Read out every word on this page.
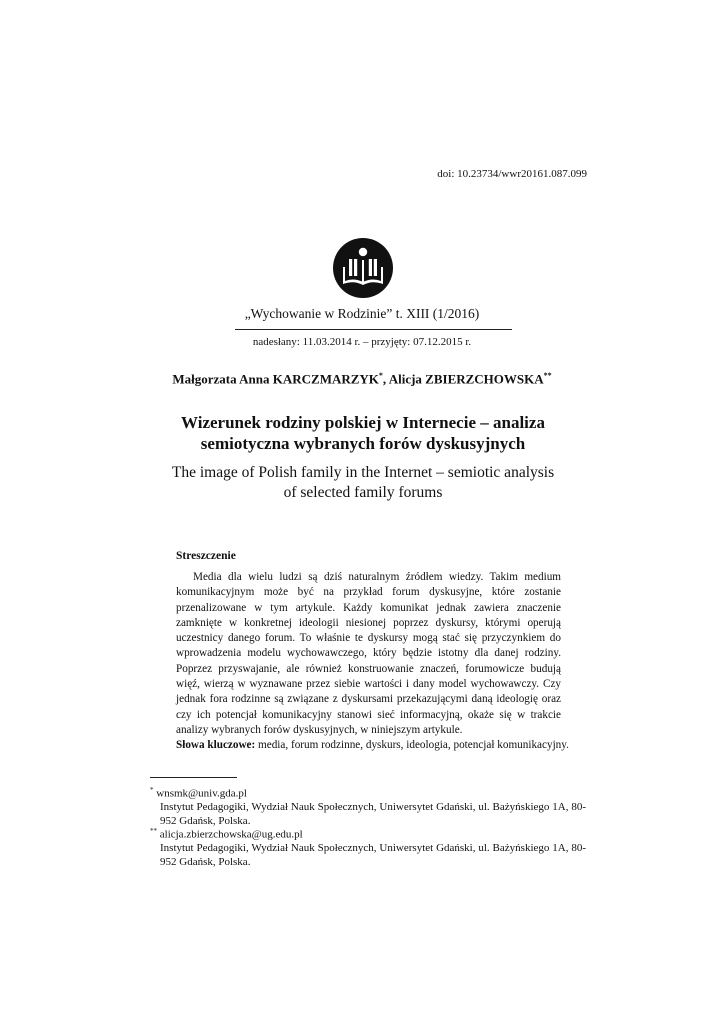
doi: 10.23734/wwr20161.087.099
„Wychowanie w Rodzinie” t. XIII (1/2016)
nadesłany: 11.03.2014 r. – przyjęty: 07.12.2015 r.
Małgorzata Anna KARCZMARZYK*, Alicja ZBIERZCHOWSKA**
Wizerunek rodziny polskiej w Internecie – analiza
semiotyczna wybranych forów dyskusyjnych
The image of Polish family in the Internet – semiotic analysis
of selected family forums
Streszczenie

Media dla wielu ludzi są dziś naturalnym źródłem wiedzy. Takim medium komunikacyjnym może być na przykład forum dyskusyjne, które zostanie przenalizowane w tym artykule. Każdy komunikat jednak zawiera znaczenie zamknięte w konkretnej ideologii niesionej poprzez dyskursy, którymi operują uczestnicy danego forum. To właśnie te dyskursy mogą stać się przyczynkiem do wprowadzenia modelu wychowawczego, który będzie istotny dla danej rodziny. Poprzez przyswajanie, ale również konstruowanie znaczeń, forumowicze budują więź, wierzą w wyznawane przez siebie wartości i dany model wychowawczy. Czy jednak fora rodzinne są związane z dyskursami przekazującymi daną ideologię oraz czy ich potencjał komunikacyjny stanowi sieć informacyjną, okaże się w trakcie analizy wybranych forów dyskusyjnych, w niniejszym artykule.

Słowa kluczowe: media, forum rodzinne, dyskurs, ideologia, potencjał komunikacyjny.
* wnsmk@univ.gda.pl
Instytut Pedagogiki, Wydział Nauk Społecznych, Uniwersytet Gdański, ul. Bażyńskiego 1A, 80-952 Gdańsk, Polska.
** alicja.zbierzchowska@ug.edu.pl
Instytut Pedagogiki, Wydział Nauk Społecznych, Uniwersytet Gdański, ul. Bażyńskiego 1A, 80-952 Gdańsk, Polska.
